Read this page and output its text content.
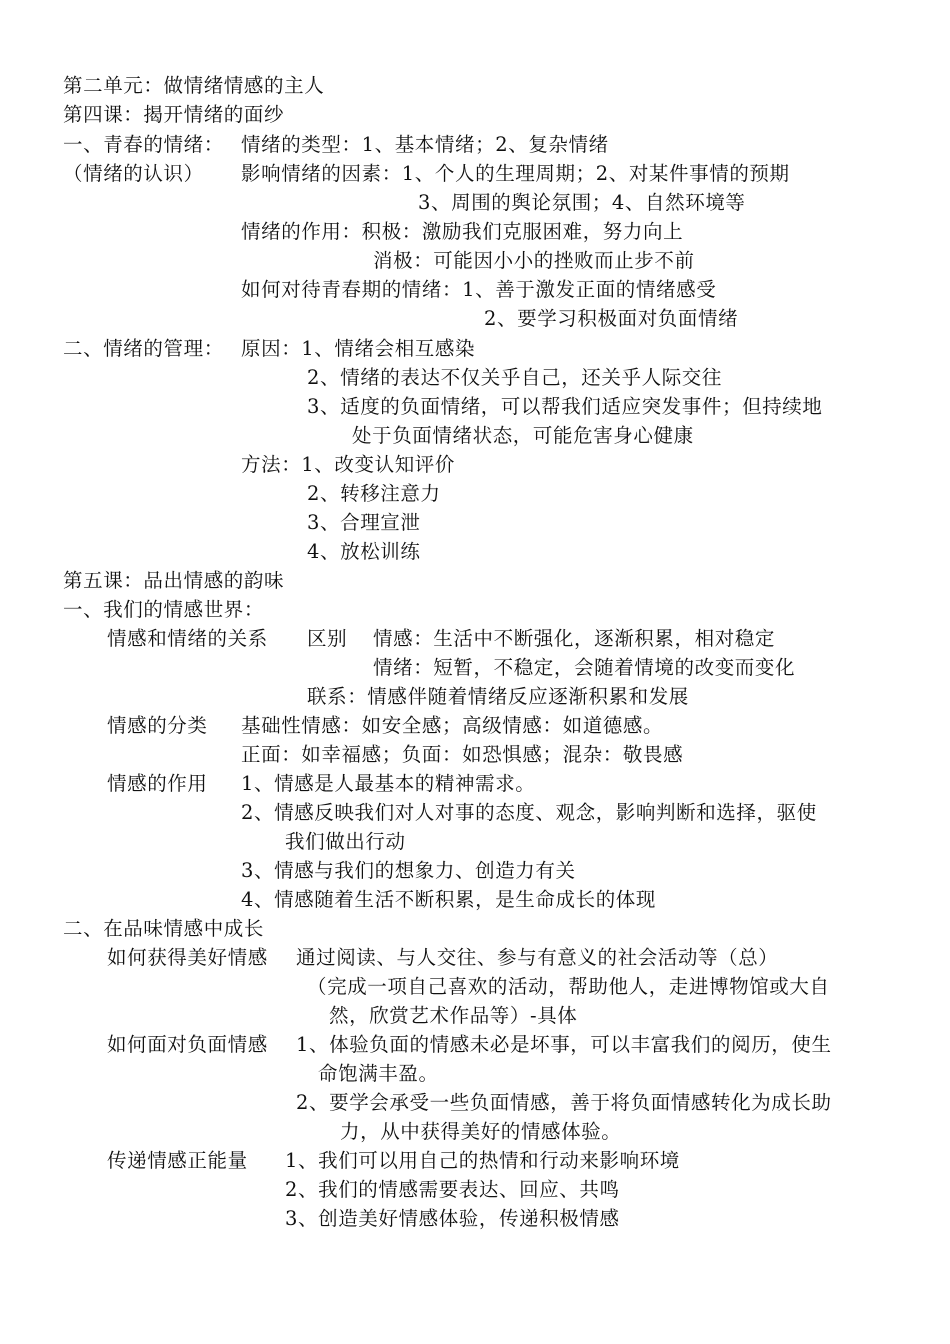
第二单元：做情绪情感的主人
第四课：揭开情绪的面纱
一、青春的情绪： 情绪的类型：1、基本情绪；2、复杂情绪
（情绪的认识） 影响情绪的因素：1、个人的生理周期；2、对某件事情的预期
3、周围的舆论氛围；4、自然环境等
情绪的作用：积极：激励我们克服困难，努力向上
消极：可能因小小的挫败而止步不前
如何对待青春期的情绪：1、善于激发正面的情绪感受
2、要学习积极面对负面情绪
二、情绪的管理： 原因：1、情绪会相互感染
2、情绪的表达不仅关乎自己，还关乎人际交往
3、适度的负面情绪，可以帮我们适应突发事件；但持续地
处于负面情绪状态，可能危害身心健康
方法：1、改变认知评价
2、转移注意力
3、合理宣泄
4、放松训练
第五课：品出情感的韵味
一、我们的情感世界：
情感和情绪的关系 区别 情感：生活中不断强化，逐渐积累，相对稳定
情绪：短暂，不稳定，会随着情境的改变而变化
联系：情感伴随着情绪反应逐渐积累和发展
情感的分类 基础性情感：如安全感；高级情感：如道德感。
正面：如幸福感；负面：如恐惧感；混杂：敬畏感
情感的作用 1、情感是人最基本的精神需求。
2、情感反映我们对人对事的态度、观念，影响判断和选择，驱使
我们做出行动
3、情感与我们的想象力、创造力有关
4、情感随着生活不断积累，是生命成长的体现
二、在品味情感中成长
如何获得美好情感 通过阅读、与人交往、参与有意义的社会活动等（总）
（完成一项自己喜欢的活动，帮助他人，走进博物馆或大自
然，欣赏艺术作品等）-具体
如何面对负面情感 1、体验负面的情感未必是坏事，可以丰富我们的阅历，使生
命饱满丰盈。
2、要学会承受一些负面情感，善于将负面情感转化为成长助
力，从中获得美好的情感体验。
传递情感正能量 1、我们可以用自己的热情和行动来影响环境
2、我们的情感需要表达、回应、共鸣
3、创造美好情感体验，传递积极情感
